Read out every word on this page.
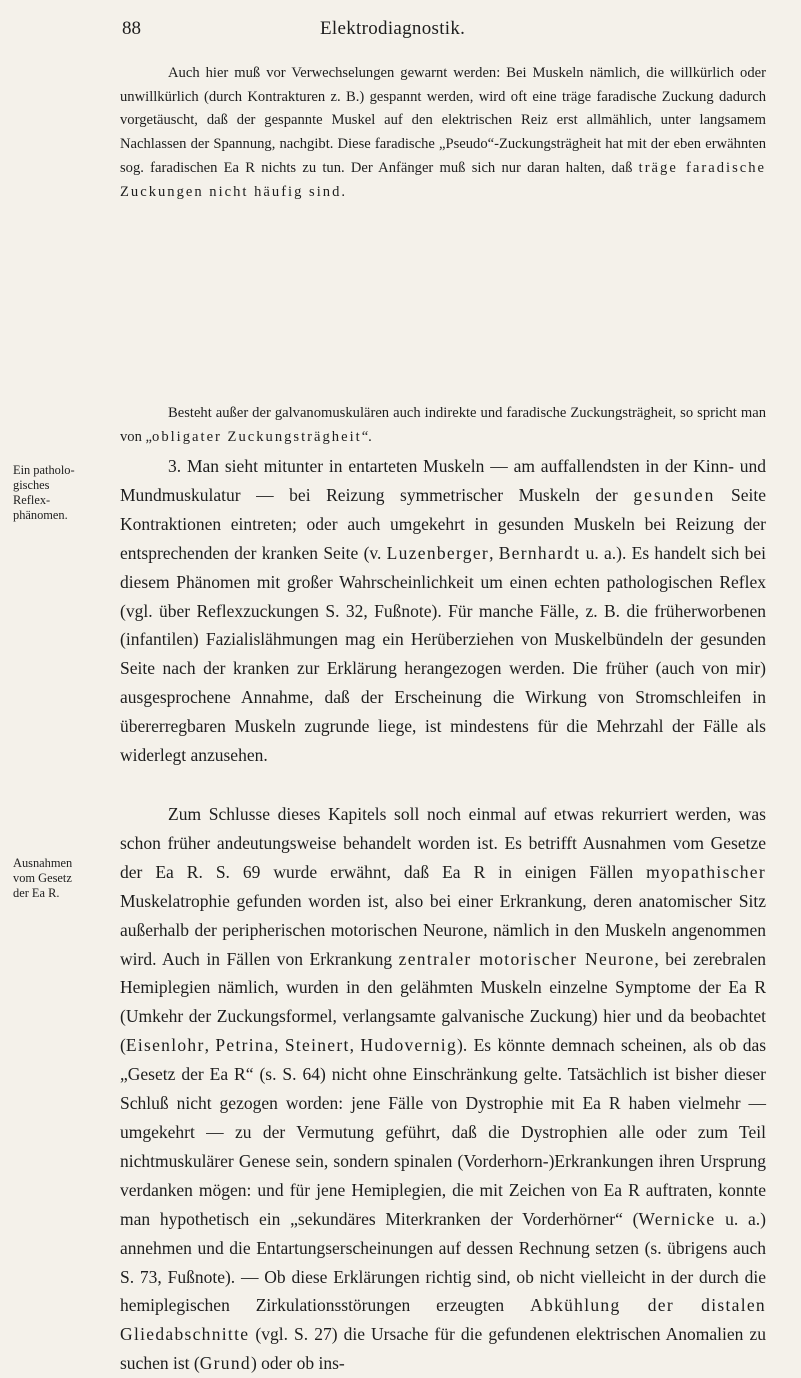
88	Elektrodiagnostik.

Auch hier muß vor Verwechselungen gewarnt werden: Bei Muskeln nämlich, die willkürlich oder unwillkürlich (durch Kontrakturen z. B.) gespannt werden, wird oft eine träge faradische Zuckung dadurch vorgetäuscht, daß der gespannte Muskel auf den elektrischen Reiz erst allmählich, unter langsamem Nachlassen der Spannung, nachgibt. Diese faradische „Pseudo“-Zuckungsträgheit hat mit der eben erwähnten sog. faradischen Ea R nichts zu tun. Der Anfänger muß sich nur daran halten, daß träge faradische Zuckungen nicht häufig sind.

Besteht außer der galvanomuskulären auch indirekte und faradische Zuckungsträgheit, so spricht man von „obligater Zuckungsträgheit“.

Ein patholo-
gisches
Reflex-
phänomen.

3. Man sieht mitunter in entarteten Muskeln — am auffallendsten in der Kinn- und Mundmuskulatur — bei Reizung symmetrischer Muskeln der gesunden Seite Kontraktionen eintreten; oder auch umgekehrt in gesunden Muskeln bei Reizung der entsprechenden der kranken Seite (v. Luzenberger, Bernhardt u. a.). Es handelt sich bei diesem Phänomen mit großer Wahrscheinlichkeit um einen echten pathologischen Reflex (vgl. über Reflexzuckungen S. 32, Fußnote). Für manche Fälle, z. B. die früherworbenen (infantilen) Fazialislähmungen mag ein Herüberziehen von Muskelbündeln der gesunden Seite nach der kranken zur Erklärung herangezogen werden. Die früher (auch von mir) ausgesprochene Annahme, daß der Erscheinung die Wirkung von Stromschleifen in übererregbaren Muskeln zugrunde liege, ist mindestens für die Mehrzahl der Fälle als widerlegt anzusehen.

Ausnahmen
vom Gesetz
der Ea R.

Zum Schlusse dieses Kapitels soll noch einmal auf etwas rekurriert werden, was schon früher andeutungsweise behandelt worden ist. Es betrifft Ausnahmen vom Gesetze der Ea R. S. 69 wurde erwähnt, daß Ea R in einigen Fällen myopathischer Muskelatrophie gefunden worden ist, also bei einer Erkrankung, deren anatomischer Sitz außerhalb der peripherischen motorischen Neurone, nämlich in den Muskeln angenommen wird. Auch in Fällen von Erkrankung zentraler motorischer Neurone, bei zerebralen Hemiplegien nämlich, wurden in den gelähmten Muskeln einzelne Symptome der Ea R (Umkehr der Zuckungsformel, verlangsamte galvanische Zuckung) hier und da beobachtet (Eisenlohr, Petrina, Steinert, Hudovernig). Es könnte demnach scheinen, als ob das „Gesetz der Ea R“ (s. S. 64) nicht ohne Einschränkung gelte. Tatsächlich ist bisher dieser Schluß nicht gezogen worden: jene Fälle von Dystrophie mit Ea R haben vielmehr — umgekehrt — zu der Vermutung geführt, daß die Dystrophien alle oder zum Teil nichtmuskulärer Genese sein, sondern spinalen (Vorderhorn-)Erkrankungen ihren Ursprung verdanken mögen: und für jene Hemiplegien, die mit Zeichen von Ea R auftraten, konnte man hypothetisch ein „sekundäres Miterkranken der Vorderhörner“ (Wernicke u. a.) annehmen und die Entartungserscheinungen auf dessen Rechnung setzen (s. übrigens auch S. 73, Fußnote). — Ob diese Erklärungen richtig sind, ob nicht vielleicht in der durch die hemiplegischen Zirkulationsstörungen erzeugten Abkühlung der distalen Gliedabschnitte (vgl. S. 27) die Ursache für die gefundenen elektrischen Anomalien zu suchen ist (Grund) oder ob ins-
